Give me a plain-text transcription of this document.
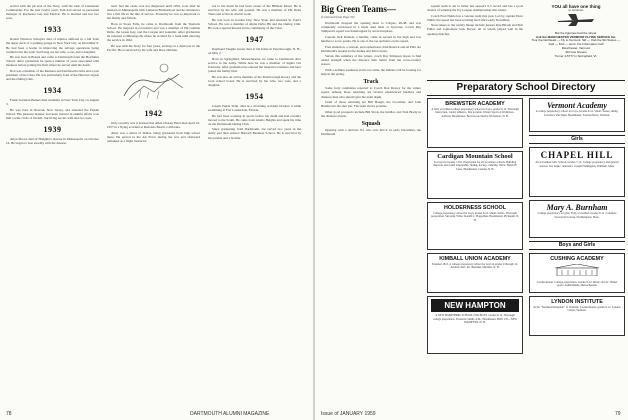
served with the pit area of the Navy, with the rank of Lieutenant Commander. For the past twelve years Tom had served as personnel manager of Rochester Gas and Electric. He is married and has two sons.

1933

Robert Winslow Schuyler died of injuries suffered in a fall from the upper deck of a parking garage in New York City on December 6. He had been a leader in improving the salvage operations being conducted in the Gulf. Surviving are his wife, a son, and a daughter.

He was born in Bristol and came to Dartmouth from the Hotchkiss School. After graduation he spent a number of years associated with business before joining the firm where he served until his death.

Bob was a member of the Reunion and Dartmouth Clubs and a past president of the Class. He was particularly fond of the Hanover region and the Outing Club.

1934

Frank Soloman Bennet died suddenly in New York City on August 3.

He was born in Newark, New Jersey, and attended the Peddie School. His pleasant manner and keen interest in alumni affairs won him a wide circle of friends. Surviving are his wife and two sons.

1939

Allyn Moore died of Hodgkin's disease in Minneapolis on October 16. He began to lose steadily with the disease.

nan't feel the cause was not diagnosed until 1950, soon after he entered on Minneapolis with Lutheran Brotherhood and he returned to live a full life in the line of service. Fraternity he was so important to his family and friends.

Born in Sioux Falls, he came to Dartmouth from the Shattuck School. He majored in economics and was a member of Phi Gamma Delta, the Green Key, and the Casque and Gauntlet. After graduation he returned to Minneapolis where he worked for a bank until entering the service in 1942.

He was with the Navy for four years, serving on a destroyer in the Pacific. He is survived by his wife and three children.

1942

Only recently was it learned that Allen Charles Hunt died April 16, 1957 in a flying accident at Redondo Beach, California.

Allen was a native of Dallas, being graduated from high school there. He served in the Air Force during the war and afterward remained as a flight instructor.

ion to his death he had been owner of the Hillside Motel. He is survived by his wife and parents. He was a member of Phi Delta Theta and active in church work.

He was born in Garden City, New York, and attended St. Paul's School. He was a member of Alpha Delta Phi and the Outing Club. He took a special interest in the community of the Class.

1947

Raymond Vaughn Green died at his home in Peterborough, N. H., on May 2.

Born in Springfield, Massachusetts, he came to Dartmouth after service in the Army. While here he was a member of Sigma Chi fraternity. After graduation he entered the insurance business and later joined the family firm.

He was also an active member of the Peterborough Rotary and the local school board. He is survived by his wife, two sons, and a daughter.

1954

Joseph Fields Sidle, died in a drowning accident October 4 while swimming at Fort Lauderdale, Florida.

He had been working in sports before his death and had recently moved to the South. He came from Alamo Heights and spent his time on the Dartmouth Outing Club.

Since graduating from Dartmouth, Joe served two years in the Army and then entered Harvard Business School. He is survived by his parents and a brother.

78	DARTMOUTH ALUMNI MAGAZINE
Big Green Teams—
(Continued from Page 30)

Dartmouth dropped the opening meet to Colgate, 48-48, and was completely outclassed in a triple dual meet at Syracuse. Coach Ray Stimpson's squad was handicapped by several injuries.

Captain Jack Daniels, a hurdler, came in second in the high and low hurdles to score points. He is one of the top sprinters on the squad.

Fred Anderson, a veteran, and sophomores John Rearick and Al Pilot are Dartmouth's leaders in the dashes and field events.

Versus this summary of the winter, coach Ray Stimpson hopes to find added strength when the distance men return from the cross-country season.

With a definite weakness in the two-mile, the Indians will be looking for help in the spring.

Track

Some forty candidates reported to Coach Don Dewey for the winter squad. Among those returning are several experienced hurdlers and distance men who should give the team depth.

Chief of those returning are Bill Hough, the two-miler, and John Hundred in the shot put. The team shows promise.

Other good prospects include Bill Stroh, the hurdler, and Tom Brady in the distance events.

Squash

Opening with a decisive 8-1 win over M.I.T. in early December, the Dartmouth

squash team is out to better last season's 9-5 record and has a good chance of winning the Ivy League championship this winter.

Coach Fred Nuttle has a veteran team this year. Led by captain Dave Smith, the squad has been working hard since early November.

Newcomers to the varsity lineup include juniors Pete Hirsch and Bob Fuller and sophomore Jack Dwyer, all of whom played well in the opening matches.

YOU all have one thing
in common
But the figurines had the wheel.
Ask the MANCHESTER VERMONT FLYING SERVICE Inc.
Tour the Northeast — Fly to Vermont. Ski — Visit the Ski Slopes — Golf — Fish — Hunt. For Information Call
Manchester, Vermont
Tell Gus Greene
Turner 4-5777 in Springfield, Vt.
Preparatory School Directory
BREWSTER ACADEMY
A fully accredited college preparatory school for boys, grades 9-12. Thorough instruction, varsity athletics, fine location. Winter Sports at Wolfeboro. Address: Headmaster, Brewster Academy, Wolfeboro, N. H.
Cardigan Mountain School
For boys in Grades 7-8-9. Preparation for all secondary schools. Building character and sound scholarship. Skiing, hockey, camping. Write: Harold F. Jones, Headmaster, Canaan, N. H.
HOLDERNESS SCHOOL
College preparatory school for boys, grades 9-12. Small classes. Thorough preparation. Ski team. Write: Donald C. Hagerman, Headmaster, Plymouth, N. H.
KIMBALL UNION ACADEMY
Founded 1813. A college preparatory school for boys in grades 9 through 12. Address: Rev. Dr. Sherman, Meriden, N. H.
NEW HAMPTON
A NEW HAMPSHIRE SCHOOL FOR BOYS. Grades 9-12. Thorough college preparation. Frederick Smith, A.M., Headmaster. BOX 170—NEW HAMPTON, N. H.
Vermont Academy
A college preparatory school for boys. Grades 9-12. Small classes, skiing. Lawrence Van Dyke, Headmaster, Saxtons River, Vermont.
Girls
CHAPEL HILL
An accredited Girls' School. Grades 7-12. College preparatory and general courses. Art, music, dramatics. Joseph Flemington, Waltham, Mass.
Mary A. Burnham
College preparatory for girls. Fully accredited. Grades 9-12. Complete Secretarial Course. Northampton, Mass.
Boys and Girls
CUSHING ACADEMY
Coeducational. College preparation. Grades 9-12. Music and art. Winter sports. Ashburnham, Massachusetts.
LYNDON INSTITUTE
In the "Northeast Kingdom" of Vermont. Coeducational, grades 9-12. Lyndon Center, Vermont.
Issue of JANUARY 1959	79
